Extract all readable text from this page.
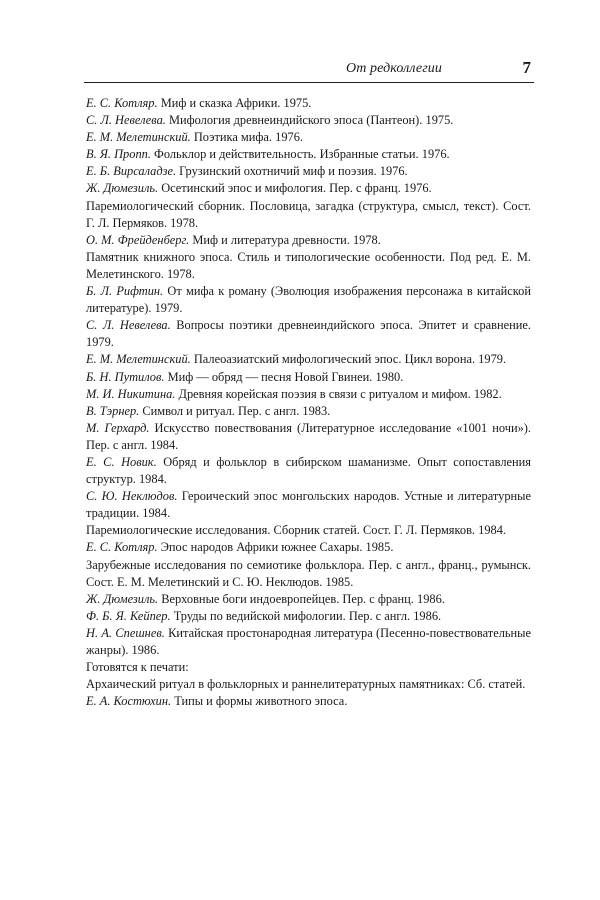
От редколлегии	7

Е. С. Котляр. Миф и сказка Африки. 1975.

С. Л. Невелева. Мифология древнеиндийского эпоса (Пантеон). 1975.

Е. М. Мелетинский. Поэтика мифа. 1976.

В. Я. Пропп. Фольклор и действительность. Избранные статьи. 1976.

Е. Б. Вирсаладзе. Грузинский охотничий миф и поэзия. 1976.

Ж. Дюмезиль. Осетинский эпос и мифология. Пер. с франц. 1976.

Паремиологический сборник. Пословица, загадка (структура, смысл, текст). Сост. Г. Л. Пермяков. 1978.

О. М. Фрейденберг. Миф и литература древности. 1978.

Памятник книжного эпоса. Стиль и типологические особенности. Под ред. Е. М. Мелетинского. 1978.

Б. Л. Рифтин. От мифа к роману (Эволюция изображения персонажа в китайской литературе). 1979.

С. Л. Невелева. Вопросы поэтики древнеиндийского эпоса. Эпитет и сравнение. 1979.

Е. М. Мелетинский. Палеоазиатский мифологический эпос. Цикл ворона. 1979.

Б. Н. Путилов. Миф — обряд — песня Новой Гвинеи. 1980.

М. И. Никитина. Древняя корейская поэзия в связи с ритуалом и мифом. 1982.

В. Тэрнер. Символ и ритуал. Пер. с англ. 1983.

М. Герхард. Искусство повествования (Литературное исследование «1001 ночи»). Пер. с англ. 1984.

Е. С. Новик. Обряд и фольклор в сибирском шаманизме. Опыт сопоставления структур. 1984.

С. Ю. Неклюдов. Героический эпос монгольских народов. Устные и литературные традиции. 1984.

Паремиологические исследования. Сборник статей. Сост. Г. Л. Пермяков. 1984.

Е. С. Котляр. Эпос народов Африки южнее Сахары. 1985.

Зарубежные исследования по семиотике фольклора. Пер. с англ., франц., румынск. Сост. Е. М. Мелетинский и С. Ю. Неклюдов. 1985.

Ж. Дюмезиль. Верховные боги индоевропейцев. Пер. с франц. 1986.

Ф. Б. Я. Кейпер. Труды по ведийской мифологии. Пер. с англ. 1986.

Н. А. Спешнев. Китайская простонародная литература (Песенно-повествовательные жанры). 1986.

Готовятся к печати:

Архаический ритуал в фольклорных и раннелитературных памятниках: Сб. статей.

Е. А. Костюхин. Типы и формы животного эпоса.
